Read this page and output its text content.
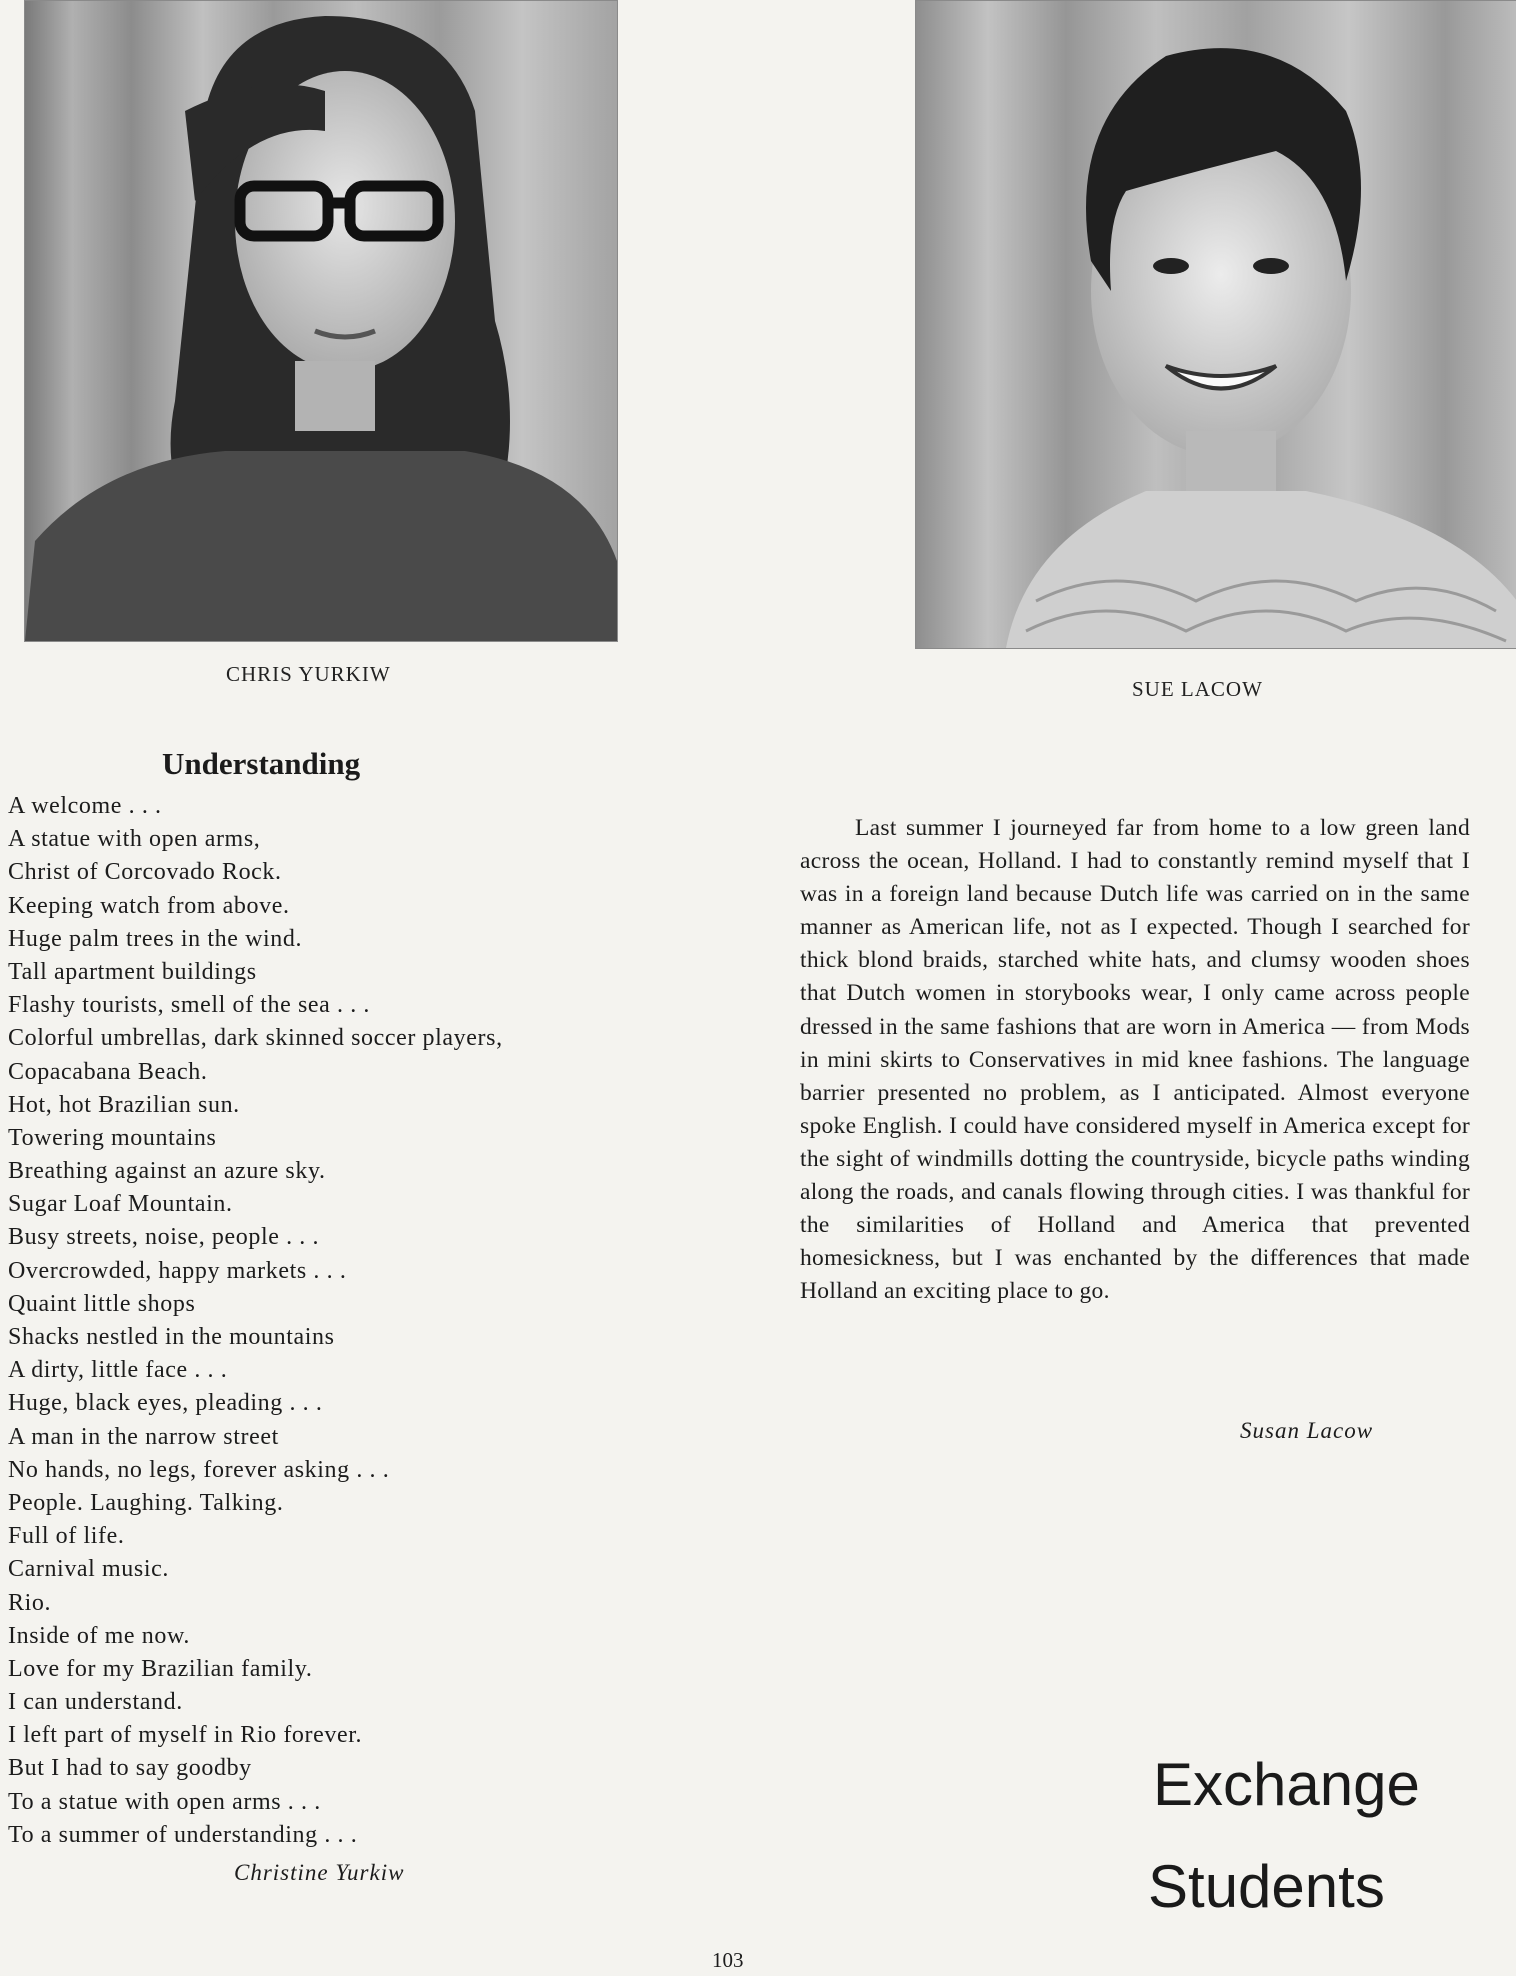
CHRIS YURKIW
SUE LACOW
Understanding
A welcome . . .
A statue with open arms,
Christ of Corcovado Rock.
Keeping watch from above.
Huge palm trees in the wind.
Tall apartment buildings
Flashy tourists, smell of the sea . . .
Colorful umbrellas, dark skinned soccer players,
Copacabana Beach.
Hot, hot Brazilian sun.
Towering mountains
Breathing against an azure sky.
Sugar Loaf Mountain.
Busy streets, noise, people . . .
Overcrowded, happy markets . . .
Quaint little shops
Shacks nestled in the mountains
A dirty, little face . . .
Huge, black eyes, pleading . . .
A man in the narrow street
No hands, no legs, forever asking . . .
People. Laughing. Talking.
Full of life.
Carnival music.
Rio.
Inside of me now.
Love for my Brazilian family.
I can understand.
I left part of myself in Rio forever.
But I had to say goodby
To a statue with open arms . . .
To a summer of understanding . . .
Christine Yurkiw

Last summer I journeyed far from home to a low green land across the ocean, Holland. I had to constantly remind myself that I was in a foreign land because Dutch life was carried on in the same manner as American life, not as I expected. Though I searched for thick blond braids, starched white hats, and clumsy wooden shoes that Dutch women in storybooks wear, I only came across people dressed in the same fashions that are worn in America — from Mods in mini skirts to Conservatives in mid knee fashions. The language barrier presented no problem, as I anticipated. Almost everyone spoke English. I could have considered myself in America except for the sight of windmills dotting the countryside, bicycle paths winding along the roads, and canals flowing through cities. I was thankful for the similarities of Holland and America that prevented homesickness, but I was enchanted by the differences that made Holland an exciting place to go.

Susan Lacow
Exchange
Students
103
